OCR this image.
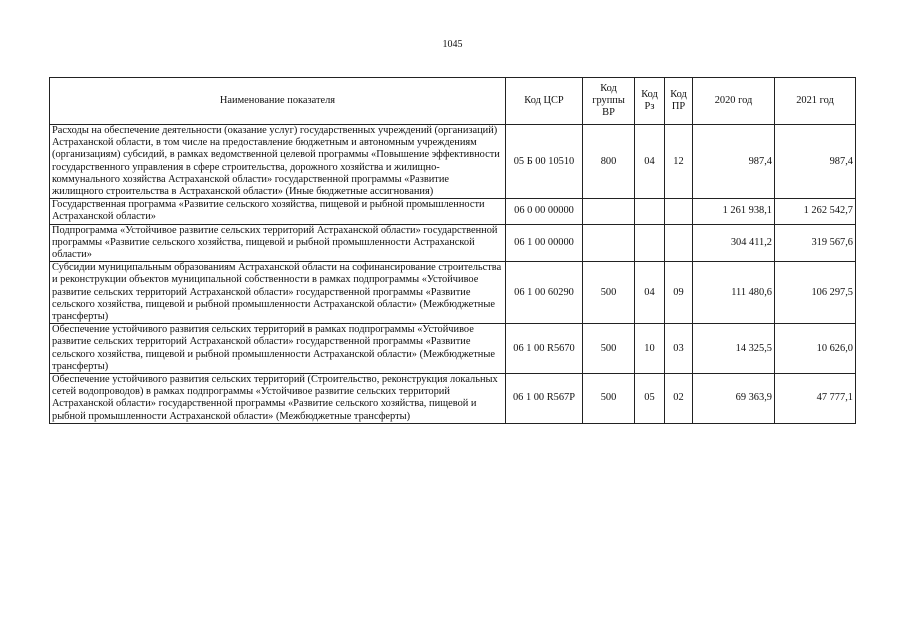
1045
Наименование показателя	Код ЦСР	Код группы ВР	Код Рз	Код ПР	2020 год	2021 год
Расходы на обеспечение деятельности (оказание услуг) государственных учреждений (организаций) Астраханской области, в том числе на предоставление бюджетным и автономным учреждениям (организациям) субсидий, в рамках ведомственной целевой программы «Повышение эффективности государственного управления в сфере строительства, дорожного хозяйства и жилищно-коммунального хозяйства Астраханской области» государственной программы «Развитие жилищного строительства в Астраханской области» (Иные бюджетные ассигнования)	05 Б 00 10510	800	04	12	987,4	987,4
Государственная программа «Развитие сельского хозяйства, пищевой и рыбной промышленности Астраханской области»	06 0 00 00000				1 261 938,1	1 262 542,7
Подпрограмма «Устойчивое развитие сельских территорий Астраханской области» государственной программы «Развитие сельского хозяйства, пищевой и рыбной промышленности Астраханской области»	06 1 00 00000				304 411,2	319 567,6
Субсидии муниципальным образованиям Астраханской области на софинансирование строительства и реконструкции объектов муниципальной собственности в рамках подпрограммы «Устойчивое развитие сельских территорий Астраханской области» государственной программы «Развитие сельского хозяйства, пищевой и рыбной промышленности Астраханской области» (Межбюджетные трансферты)	06 1 00 60290	500	04	09	111 480,6	106 297,5
Обеспечение устойчивого развития сельских территорий в рамках подпрограммы «Устойчивое развитие сельских территорий Астраханской области» государственной программы «Развитие сельского хозяйства, пищевой и рыбной промышленности Астраханской области» (Межбюджетные трансферты)	06 1 00 R5670	500	10	03	14 325,5	10 626,0
Обеспечение устойчивого развития сельских территорий (Строительство, реконструкция локальных сетей водопроводов) в рамках подпрограммы «Устойчивое развитие сельских территорий Астраханской области» государственной программы «Развитие сельского хозяйства, пищевой и рыбной промышленности Астраханской области» (Межбюджетные трансферты)	06 1 00 R567P	500	05	02	69 363,9	47 777,1
